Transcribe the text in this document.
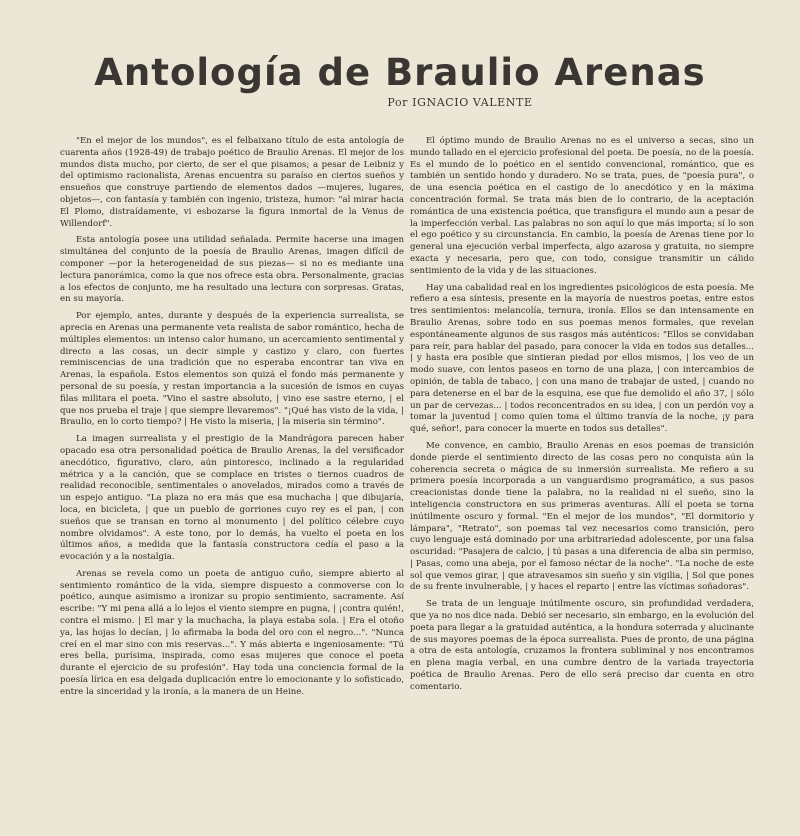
Antología de Braulio Arenas
Por IGNACIO VALENTE

"En el mejor de los mundos", es el felbaixano título de esta antología de cuarenta años (1928-49) de trabajo poético de Braulio Arenas. El mejor de los mundos dista mucho, por cierto, de ser el que pisamos; a pesar de Leibniz y del optimismo racionalista, Arenas encuentra su paraíso en ciertos sueños y ensueños que construye partiendo de elementos dados —mujeres, lugares, objetos—, con fantasía y también con ingenio, tristeza, humor: "al mirar hacia El Plomo, distraídamente, vi esbozarse la figura inmortal de la Venus de Willendorf".

Esta antología posee una utilidad señalada. Permite hacerse una imagen simultánea del conjunto de la poesía de Braulio Arenas, imagen difícil de componer —por la heterogeneidad de sus piezas— si no es mediante una lectura panorámica, como la que nos ofrece esta obra. Personalmente, gracias a los efectos de conjunto, me ha resultado una lectura con sorpresas. Gratas, en su mayoría.

Por ejemplo, antes, durante y después de la experiencia surrealista, se aprecia en Arenas una permanente veta realista de sabor romántico, hecha de múltiples elementos: un intenso calor humano, un acercamiento sentimental y directo a las cosas, un decir simple y castizo y claro, con fuertes reminiscencias de una tradición que no esperaba encontrar tan viva en Arenas, la española. Estos elementos son quizá el fondo más permanente y personal de su poesía, y restan importancia a la sucesión de ismos en cuyas filas militara el poeta. "Vino el sastre absoluto, | vino ese sastre eterno, | el que nos prueba el traje | que siempre llevaremos". "¡Qué has visto de la vida, | Braulio, en lo corto tiempo? | He visto la miseria, | la miseria sin término".

La imagen surrealista y el prestigio de la Mandrágora parecen haber opacado esa otra personalidad poética de Braulio Arenas, la del versificador anecdótico, figurativo, claro, aún pintoresco, inclinado a la regularidad métrica y a la canción, que se complace en tristes o tiernos cuadros de realidad reconocible, sentimentales o anovelados, mirados como a través de un espejo antiguo. "La plaza no era más que esa muchacha | que dibujaría, loca, en bicicleta, | que un pueblo de gorriones cuyo rey es el pan, | con sueños que se transan en torno al monumento | del político célebre cuyo nombre olvidamos". A este tono, por lo demás, ha vuelto el poeta en los últimos años, a medida que la fantasía constructora cedía el paso a la evocación y a la nostalgia.

Arenas se revela como un poeta de antiguo cuño, siempre abierto al sentimiento romántico de la vida, siempre dispuesto a conmoverse con lo poético, aunque asimismo a ironizar su propio sentimiento, sacramente. Así escribe: "Y mi pena allá a lo lejos el viento siempre en pugna, | ¡contra quién!, contra el mismo. | El mar y la muchacha, la playa estaba sola. | Era el otoño ya, las hojas lo decían, | lo afirmaba la boda del oro con el negro...". "Nunca creí en el mar sino con mis reservas...". Y más abierta e ingeniosamente: "Tú eres bella, purísima, inspirada, como esas mujeres que conoce el poeta durante el ejercicio de su profesión". Hay toda una conciencia formal de la poesía lírica en esa delgada duplicación entre lo emocionante y lo sofisticado, entre la sinceridad y la ironía, a la manera de un Heine.

El óptimo mundo de Braulio Arenas no es el universo a secas, sino un mundo tallado en el ejercicio profesional del poeta. De poesía, no de la poesía. Es el mundo de lo poético en el sentido convencional, romántico, que es también un sentido hondo y duradero. No se trata, pues, de "poesía pura", o de una esencia poética en el castigo de lo anecdótico y en la máxima concentración formal. Se trata más bien de lo contrario, de la aceptación romántica de una existencia poética, que transfigura el mundo aun a pesar de la imperfección verbal. Las palabras no son aquí lo que más importa; sí lo son el ego poético y su circunstancia. En cambio, la poesía de Arenas tiene por lo general una ejecución verbal imperfecta, algo azarosa y gratuita, no siempre exacta y necesaria, pero que, con todo, consigue transmitir un cálido sentimiento de la vida y de las situaciones.

Hay una cabalidad real en los ingredientes psicológicos de esta poesía. Me refiero a esa síntesis, presente en la mayoría de nuestros poetas, entre estos tres sentimientos: melancolía, ternura, ironía. Ellos se dan intensamente en Braulio Arenas, sobre todo en sus poemas menos formales, que revelan espontáneamente algunos de sus rasgos más auténticos: "Ellos se convidaban para reír, para hablar del pasado, para conocer la vida en todos sus detalles... | y hasta era posible que sintieran piedad por ellos mismos, | los veo de un modo suave, con lentos paseos en torno de una plaza, | con intercambios de opinión, de tabla de tabaco, | con una mano de trabajar de usted, | cuando no para detenerse en el bar de la esquina, ese que fue demolido el año 37, | sólo un par de cervezas... | todos reconcentrados en su idea, | con un perdón voy a tomar la juventud | como quien toma el último tranvía de la noche, ¡y para qué, señor!, para conocer la muerte en todos sus detalles".

Me convence, en cambio, Braulio Arenas en esos poemas de transición donde pierde el sentimiento directo de las cosas pero no conquista aún la coherencia secreta o mágica de su inmersión surrealista. Me refiero a su primera poesía incorporada a un vanguardismo programático, a sus pasos creacionistas donde tiene la palabra, no la realidad ni el sueño, sino la inteligencia constructora en sus primeras aventuras. Allí el poeta se torna inútilmente oscuro y formal. "En el mejor de los mundos", "El dormitorio y lámpara", "Retrato", son poemas tal vez necesarios como transición, pero cuyo lenguaje está dominado por una arbitrariedad adolescente, por una falsa oscuridad: "Pasajera de calcio, | tú pasas a una diferencia de alba sin permiso, | Pasas, como una abeja, por el famoso néctar de la noche". "La noche de este sol que vemos girar, | que atravesamos sin sueño y sin vigilia, | Sol que pones de su frente invulnerable, | y haces el reparto | entre las víctimas soñadoras".

Se trata de un lenguaje inútilmente oscuro, sin profundidad verdadera, que ya no nos dice nada. Debió ser necesario, sin embargo, en la evolución del poeta para llegar a la gratuidad auténtica, a la hondura soterrada y alucinante de sus mayores poemas de la época surrealista. Pues de pronto, de una página a otra de esta antología, cruzamos la frontera subliminal y nos encontramos en plena magia verbal, en una cumbre dentro de la variada trayectoria poética de Braulio Arenas. Pero de ello será preciso dar cuenta en otro comentario.
